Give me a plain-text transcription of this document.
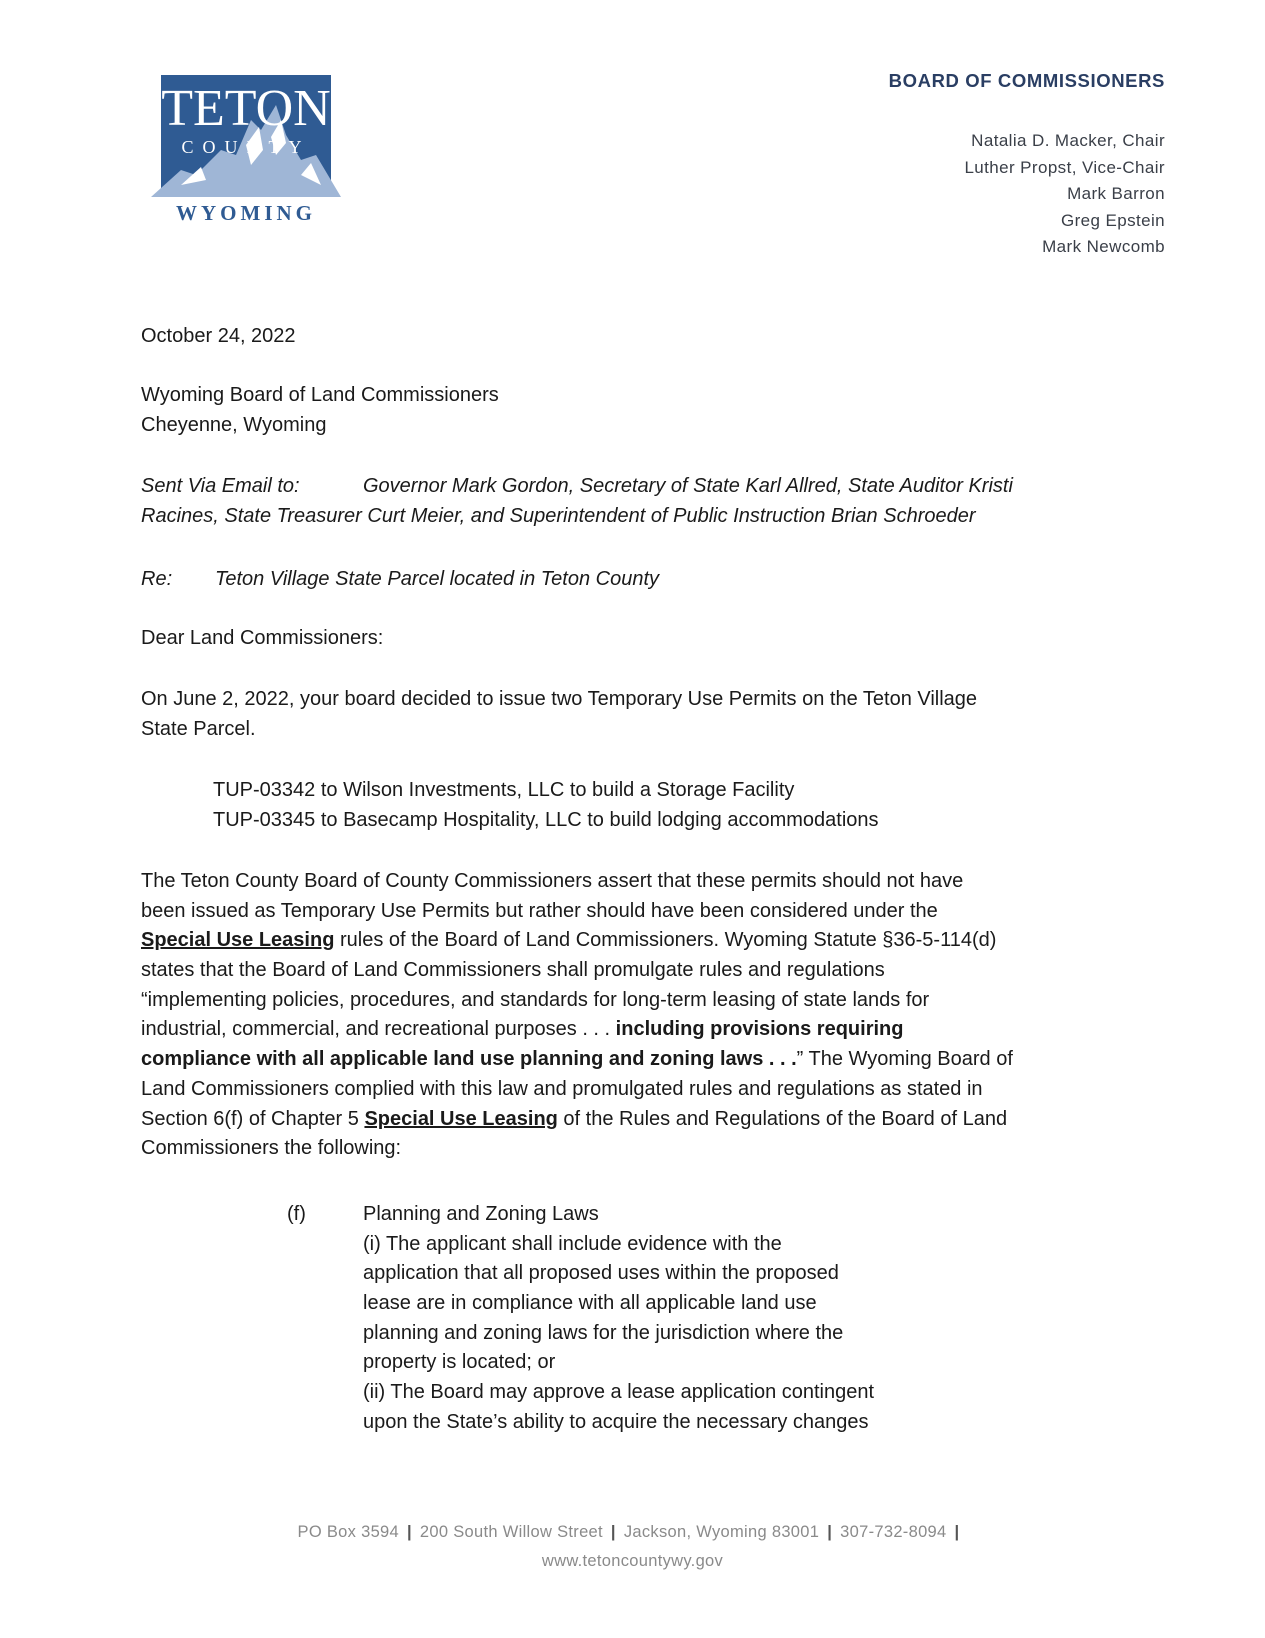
TETON
COUNTY
WYOMING
BOARD OF COMMISSIONERS
Natalia D. Macker, Chair
Luther Propst, Vice-Chair
Mark Barron
Greg Epstein
Mark Newcomb
October 24, 2022
Wyoming Board of Land Commissioners
Cheyenne, Wyoming
Sent Via Email to:	Governor Mark Gordon, Secretary of State Karl Allred, State Auditor Kristi
Racines, State Treasurer Curt Meier, and Superintendent of Public Instruction Brian Schroeder
Re: Teton Village State Parcel located in Teton County
Dear Land Commissioners:
On June 2, 2022, your board decided to issue two Temporary Use Permits on the Teton Village
State Parcel.
TUP-03342 to Wilson Investments, LLC to build a Storage Facility
TUP-03345 to Basecamp Hospitality, LLC to build lodging accommodations
The Teton County Board of County Commissioners assert that these permits should not have
been issued as Temporary Use Permits but rather should have been considered under the
Special Use Leasing rules of the Board of Land Commissioners. Wyoming Statute §36-5-114(d)
states that the Board of Land Commissioners shall promulgate rules and regulations
“implementing policies, procedures, and standards for long-term leasing of state lands for
industrial, commercial, and recreational purposes . . . including provisions requiring
compliance with all applicable land use planning and zoning laws . . .” The Wyoming Board of
Land Commissioners complied with this law and promulgated rules and regulations as stated in
Section 6(f) of Chapter 5 Special Use Leasing of the Rules and Regulations of the Board of Land
Commissioners the following:
(f)	Planning and Zoning Laws
(i) The applicant shall include evidence with the
application that all proposed uses within the proposed
lease are in compliance with all applicable land use
planning and zoning laws for the jurisdiction where the
property is located; or
(ii) The Board may approve a lease application contingent
upon the State’s ability to acquire the necessary changes
PO Box 3594 | 200 South Willow Street | Jackson, Wyoming 83001 | 307-732-8094 |
www.tetoncountywy.gov
